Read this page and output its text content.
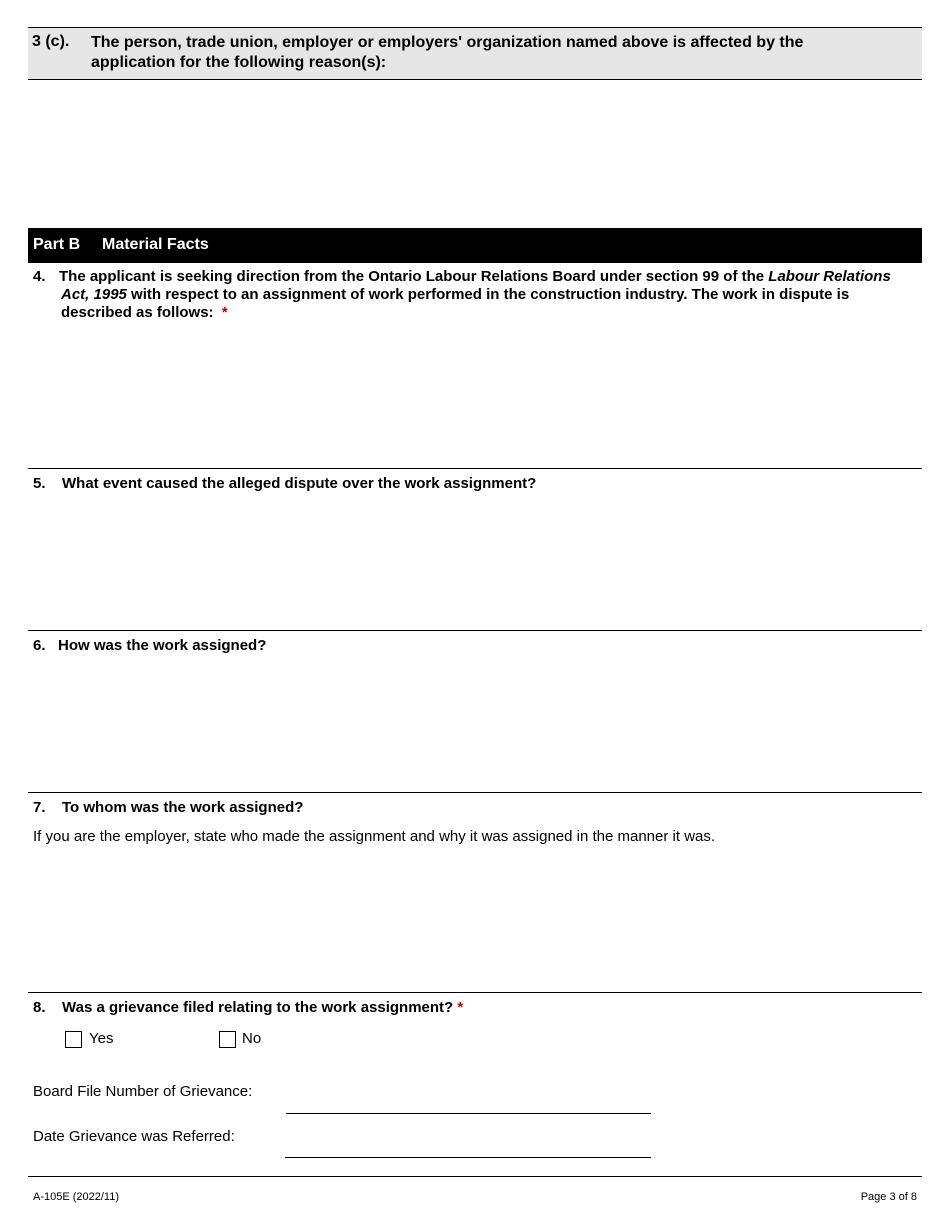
3 (c). The person, trade union, employer or employers' organization named above is affected by the application for the following reason(s):
Part B Material Facts
4. The applicant is seeking direction from the Ontario Labour Relations Board under section 99 of the Labour Relations Act, 1995 with respect to an assignment of work performed in the construction industry. The work in dispute is described as follows: *
5. What event caused the alleged dispute over the work assignment?
6. How was the work assigned?
7. To whom was the work assigned?
If you are the employer, state who made the assignment and why it was assigned in the manner it was.
8. Was a grievance filed relating to the work assignment? *
Yes	No
Board File Number of Grievance:
Date Grievance was Referred:
A-105E (2022/11)	Page 3 of 8
